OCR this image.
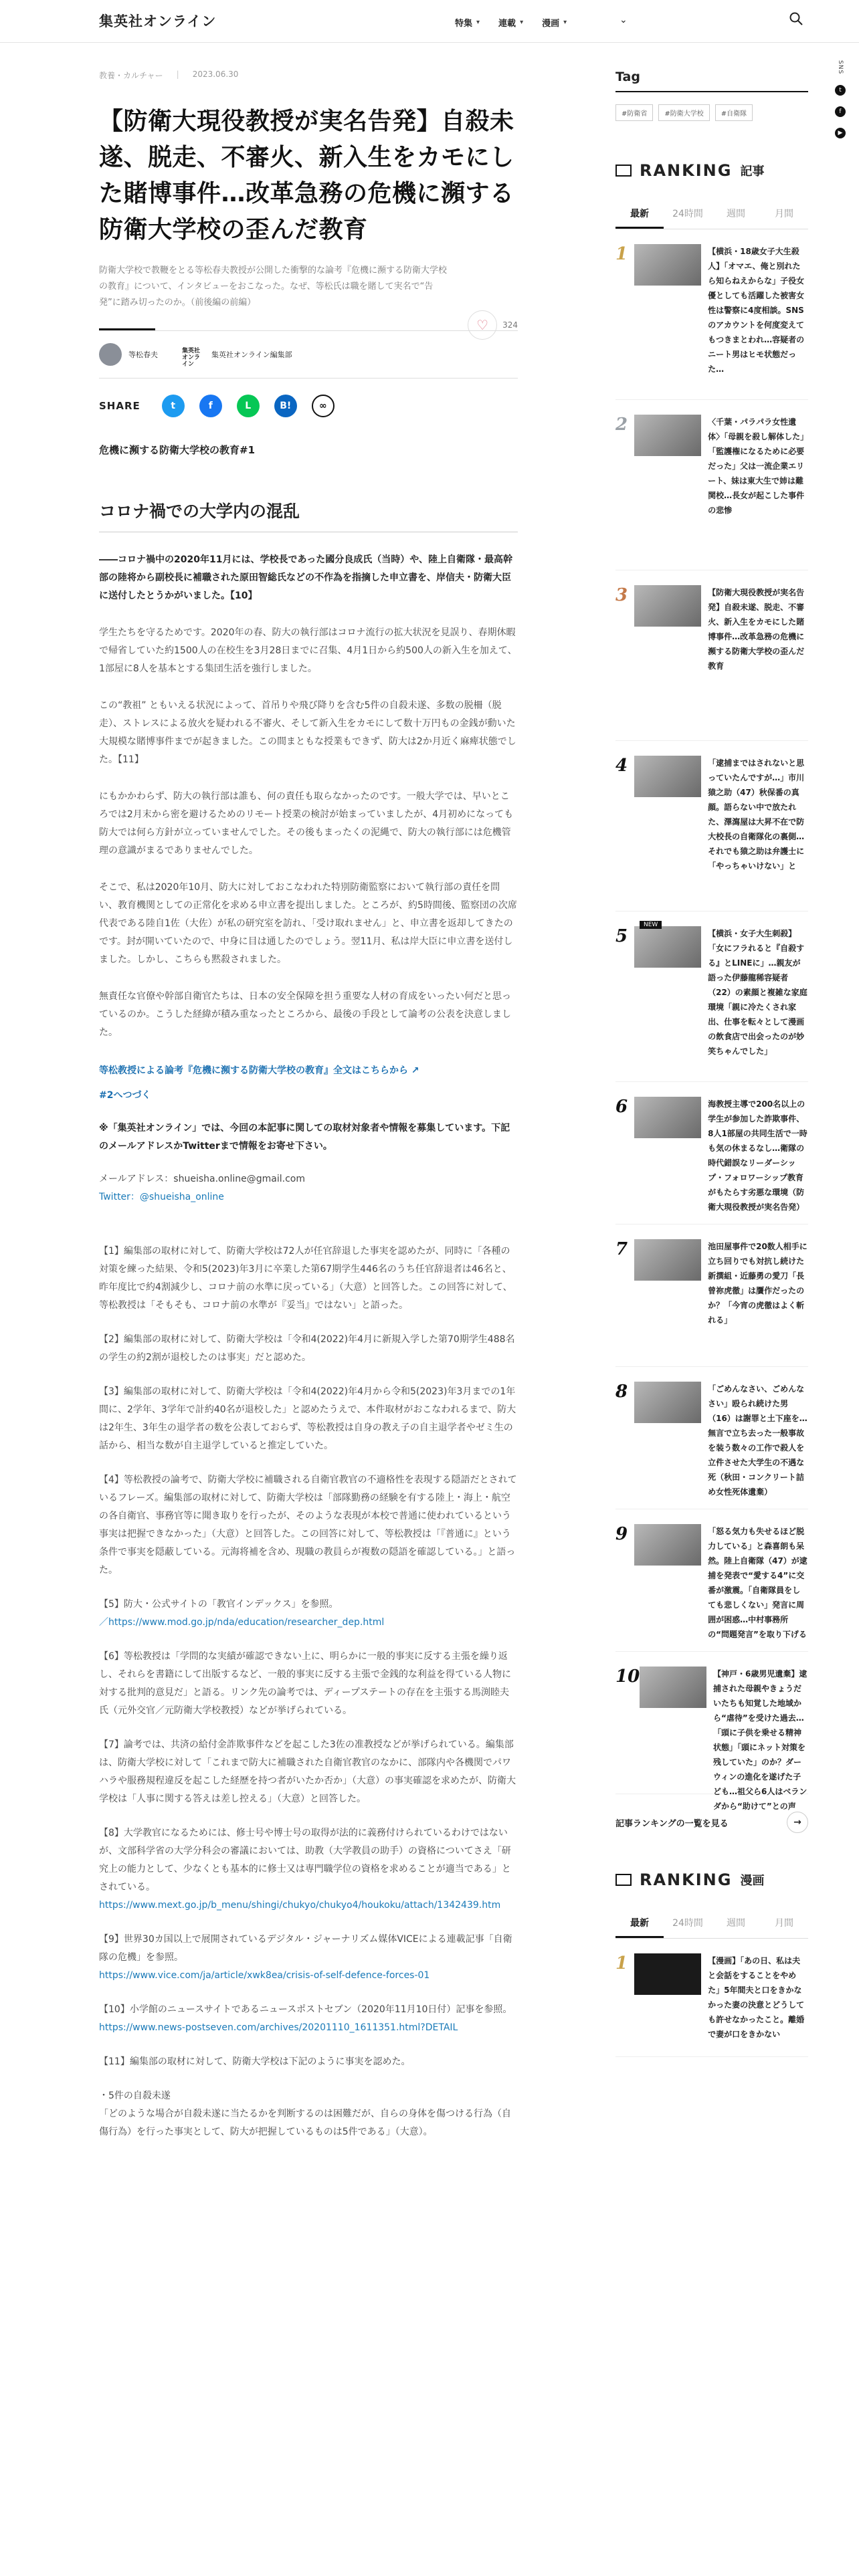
集英社オンライン	特集 ▾ 連載 ▾ 漫画 ▾	⌄
SNS
t
f
▶
教養・カルチャー | 2023.06.30
【防衛大現役教授が実名告発】自殺未遂、脱走、不審火、新入生をカモにした賭博事件…改革急務の危機に瀕する防衛大学校の歪んだ教育
防衛大学校で教鞭をとる等松春夫教授が公開した衝撃的な論考『危機に瀕する防衛大学校の教育』について、インタビューをおこなった。なぜ、等松氏は職を賭して実名で“告発”に踏み切ったのか。（前後編の前編）
♡	324
等松春夫	集英社
オンライン
集英社オンライン編集部
SHARE	t	f	L	B!	∞
危機に瀕する防衛大学校の教育#1
コロナ禍での大学内の混乱
――コロナ禍中の2020年11月には、学校長であった國分良成氏（当時）や、陸上自衛隊・最高幹部の陸将から副校長に補職された原田智総氏などの不作為を指摘した申立書を、岸信夫・防衛大臣に送付したとうかがいました。【10】

学生たちを守るためです。2020年の春、防大の執行部はコロナ流行の拡大状況を見誤り、春期休暇で帰省していた約1500人の在校生を3月28日までに召集、4月1日から約500人の新入生を加えて、1部屋に8人を基本とする集団生活を強行しました。

この“教祖” ともいえる状況によって、首吊りや飛び降りを含む5件の自殺未遂、多数の脱柵（脱走）、ストレスによる放火を疑われる不審火、そして新入生をカモにして数十万円もの金銭が動いた大規模な賭博事件までが起きました。この間まともな授業もできず、防大は2か月近く麻痺状態でした。【11】

にもかかわらず、防大の執行部は誰も、何の責任も取らなかったのです。一般大学では、早いところでは2月末から密を避けるためのリモート授業の検討が始まっていましたが、4月初めになっても防大では何ら方針が立っていませんでした。その後もまったくの泥縄で、防大の執行部には危機管理の意識がまるでありませんでした。

そこで、私は2020年10月、防大に対しておこなわれた特別防衛監察において執行部の責任を問い、教育機関としての正常化を求める申立書を提出しました。ところが、約5時間後、監察団の次席代表である陸自1佐（大佐）が私の研究室を訪れ、「受け取れません」と、申立書を返却してきたのです。封が開いていたので、中身に目は通したのでしょう。翌11月、私は岸大臣に申立書を送付しました。しかし、こちらも黙殺されました。

無責任な官僚や幹部自衛官たちは、日本の安全保障を担う重要な人材の育成をいったい何だと思っているのか。こうした経緯が積み重なったところから、最後の手段として論考の公表を決意しました。

等松教授による論考『危機に瀕する防衛大学校の教育』全文はこちらから ↗

#2へつづく

※「集英社オンライン」では、今回の本記事に関しての取材対象者や情報を募集しています。下記のメールアドレスかTwitterまで情報をお寄せ下さい。

メールアドレス：shueisha.online@gmail.com

Twitter：@shueisha_online

【1】編集部の取材に対して、防衛大学校は72人が任官辞退した事実を認めたが、同時に「各種の対策を練った結果、令和5(2023)年3月に卒業した第67期学生446名のうち任官辞退者は46名と、昨年度比で約4割減少し、コロナ前の水準に戻っている」（大意）と回答した。この回答に対して、等松教授は「そもそも、コロナ前の水準が『妥当』ではない」と語った。

【2】編集部の取材に対して、防衛大学校は「令和4(2022)年4月に新規入学した第70期学生488名の学生の約2割が退校したのは事実」だと認めた。

【3】編集部の取材に対して、防衛大学校は「令和4(2022)年4月から令和5(2023)年3月までの1年間に、2学年、3学年で計約40名が退校した」と認めたうえで、本件取材がおこなわれるまで、防大は2年生、3年生の退学者の数を公表しておらず、等松教授は自身の教え子の自主退学者やゼミ生の話から、相当な数が自主退学していると推定していた。

【4】等松教授の論考で、防衛大学校に補職される自衛官教官の不適格性を表現する隠語だとされているフレーズ。編集部の取材に対して、防衛大学校は「部隊勤務の経験を有する陸上・海上・航空の各自衛官、事務官等に聞き取りを行ったが、そのような表現が本校で普通に使われているという事実は把握できなかった」（大意）と回答した。この回答に対して、等松教授は「『普通に』という条件で事実を隠蔽している。元海将補を含め、現職の教員らが複数の隠語を確認している。」と語った。

【5】防大・公式サイトの「教官インデックス」を参照。

／https://www.mod.go.jp/nda/education/researcher_dep.html

【6】等松教授は「学問的な実績が確認できない上に、明らかに一般的事実に反する主張を繰り返し、それらを書籍にして出版するなど、一般的事実に反する主張で金銭的な利益を得ている人物に対する批判的意見だ」と語る。リンク先の論考では、ディープステートの存在を主張する馬渕睦夫氏（元外交官／元防衛大学校教授）などが挙げられている。

【7】論考では、共済の給付金詐欺事件などを起こした3佐の准教授などが挙げられている。編集部は、防衛大学校に対して「これまで防大に補職された自衛官教官のなかに、部隊内や各機関でパワハラや服務規程違反を起こした経歴を持つ者がいたか否か」（大意）の事実確認を求めたが、防衛大学校は「人事に関する答えは差し控える」（大意）と回答した。

【8】大学教官になるためには、修士号や博士号の取得が法的に義務付けられているわけではないが、文部科学省の大学分科会の審議においては、助教（大学教員の助手）の資格についてさえ「研究上の能力として、少なくとも基本的に修士又は専門職学位の資格を求めることが適当である」とされている。

https://www.mext.go.jp/b_menu/shingi/chukyo/chukyo4/houkoku/attach/1342439.htm

【9】世界30カ国以上で展開されているデジタル・ジャーナリズム媒体VICEによる連載記事「自衛隊の危機」を参照。

https://www.vice.com/ja/article/xwk8ea/crisis-of-self-defence-forces-01

【10】小学館のニュースサイトであるニュースポストセブン（2020年11月10日付）記事を参照。

https://www.news-postseven.com/archives/20201110_1611351.html?DETAIL

【11】編集部の取材に対して、防衛大学校は下記のように事実を認めた。

・5件の自殺未遂

「どのような場合が自殺未遂に当たるかを判断するのは困難だが、自らの身体を傷つける行為（自傷行為）を行った事実として、防大が把握しているものは5件である」（大意）。

Tag
#防衛省	#防衛大学校	#自衛隊
RANKING 記事
最新	24時間	週間	月間
1	【横浜・18歳女子大生殺人】「オマエ、俺と別れたら知らねえからな」子役女優としても活躍した被害女性は警察に4度相談。SNSのアカウントを何度変えてもつきまとわれ…容疑者のニート男はヒモ状態だった…
2	〈千葉・パラパラ女性遺体〉「母親を殺し解体した」「監護権になるために必要だった」父は一流企業エリート、妹は東大生で姉は難関校…長女が起こした事件の悲惨
3	【防衛大現役教授が実名告発】自殺未遂、脱走、不審火、新入生をカモにした賭博事件…改革急務の危機に瀕する防衛大学校の歪んだ教育
4	「逮捕まではされないと思っていたんですが…」市川猿之助（47）秋保番の真顔。語らない中で放たれた、澤瀉屋は大昇不在で防大校長の自衛隊化の裏側…それでも猿之助は弁護士に「やっちゃいけない」と
5	【横浜・女子大生刺殺】「女にフラれると『自殺する』とLINEに」…親友が語った伊藤龍稀容疑者（22）の素顔と複雑な家庭環境「親に冷たくされ家出、仕事を転々として漫画の飲食店で出会ったのが妙笑ちゃんでした」
NEW
6	海教授主導で200名以上の学生が参加した詐欺事件、8人1部屋の共同生活で一時も気の休まるなし…衛隊の時代錯誤なリーダーシップ・フォロワーシップ教育がもたらす劣悪な環境（防衛大現役教授が実名告発）
7	池田屋事件で20数人相手に立ち回りでも対抗し続けた新撰組・近藤勇の愛刀「長曾祢虎徹」は贋作だったのか？「今宵の虎徹はよく斬れる」
8	「ごめんなさい、ごめんなさい」殴られ続けた男（16）は謝罪と土下座を…無言で立ち去った一般事故を装う数々の工作で殺人を立件させた大学生の不遇な死（秋田・コンクリート詰め女性死体遺棄）
9	「怒る気力も失せるほど脱力している」と森喜朗も呆然。陸上自衛隊（47）が逮捕を発表で“愛する4”に交番が激震。「自衛隊員をしても悲しくない」発言に周囲が困惑…中村事務所の“問題発言”を取り下げる
10	【神戸・6歳男児遺棄】逮捕された母親やきょうだいたちも知覚した地域から“虐待”を受けた過去…「頭に子供を乗せる精神状態」「頭にネット対策を残していた」のか？ダーウィンの進化を遂げた子ども…祖父ら6人はベランダから“助けて”との声
記事ランキングの一覧を見る	→
RANKING 漫画
最新	24時間	週間	月間
1	【漫画】「あの日、私は夫と会話をすることをやめた」5年間夫と口をきかなかった妻の決意とどうしても許せなかったこと。離婚で妻が口をきかない
